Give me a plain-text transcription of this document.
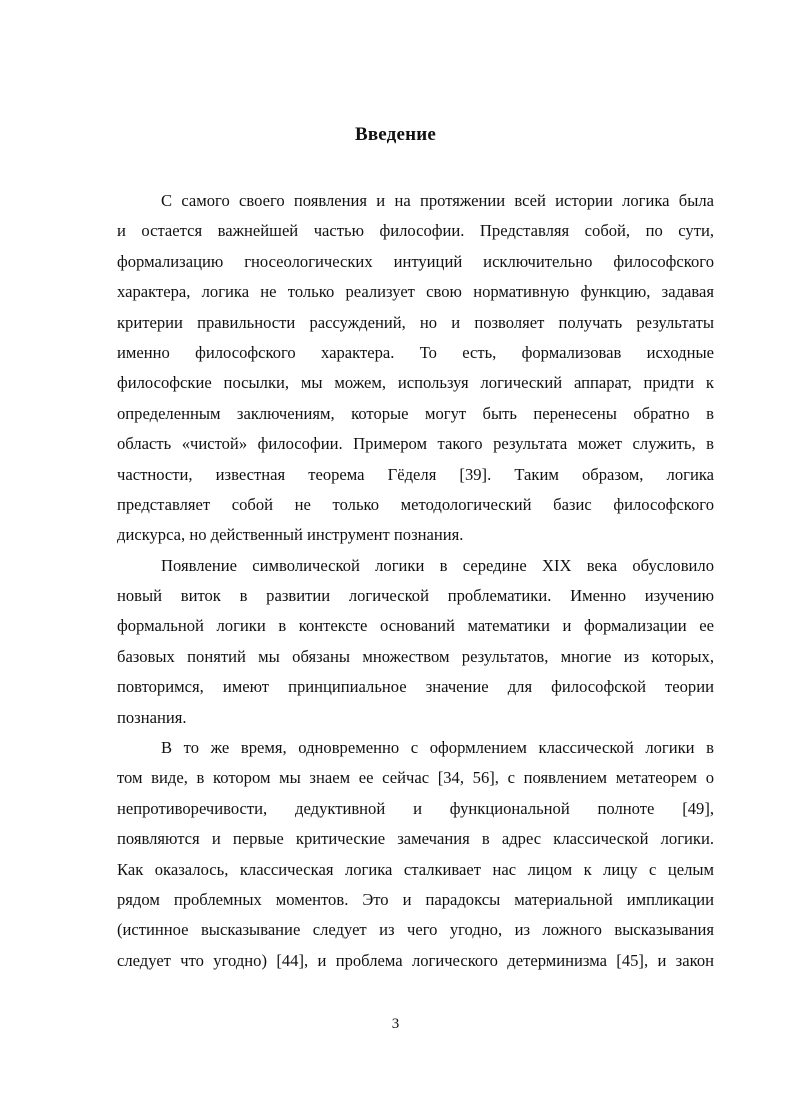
Введение
С самого своего появления и на протяжении всей истории логика была
и остается важнейшей частью философии. Представляя собой, по сути,
формализацию гносеологических интуиций исключительно философского
характера, логика не только реализует свою нормативную функцию, задавая
критерии правильности рассуждений, но и позволяет получать результаты
именно философского характера. То есть, формализовав исходные
философские посылки, мы можем, используя логический аппарат, придти к
определенным заключениям, которые могут быть перенесены обратно в
область «чистой» философии. Примером такого результата может служить, в
частности, известная теорема Гёделя [39]. Таким образом, логика
представляет собой не только методологический базис философского
дискурса, но действенный инструмент познания.
Появление символической логики в середине XIX века обусловило
новый виток в развитии логической проблематики. Именно изучению
формальной логики в контексте оснований математики и формализации ее
базовых понятий мы обязаны множеством результатов, многие из которых,
повторимся, имеют принципиальное значение для философской теории
познания.
В то же время, одновременно с оформлением классической логики в
том виде, в котором мы знаем ее сейчас [34, 56], с появлением метатеорем о
непротиворечивости, дедуктивной и функциональной полноте [49],
появляются и первые критические замечания в адрес классической логики.
Как оказалось, классическая логика сталкивает нас лицом к лицу с целым
рядом проблемных моментов. Это и парадоксы материальной импликации
(истинное высказывание следует из чего угодно, из ложного высказывания
следует что угодно) [44], и проблема логического детерминизма [45], и закон
3
